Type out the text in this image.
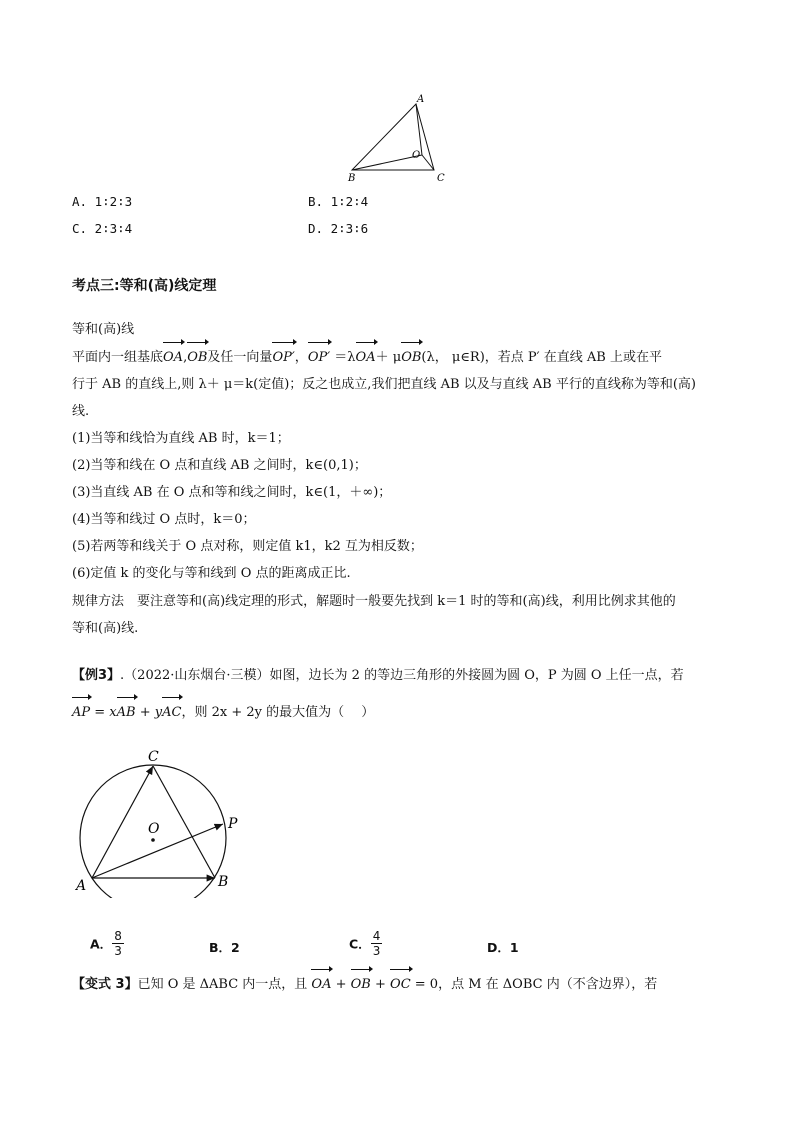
A
O
B	C
A. 1∶2∶3	B. 1∶2∶4
C. 2∶3∶4	D. 2∶3∶6
考点三:等和(高)线定理
等和(高)线
平面内一组基底OA,OB及任一向量OP′，OP′ ＝λOA＋ μOB(λ， μ∈R)，若点 P′ 在直线 AB 上或在平
行于 AB 的直线上,则 λ＋ μ＝k(定值)；反之也成立,我们把直线 AB 以及与直线 AB 平行的直线称为等和(高)
线.
(1)当等和线恰为直线 AB 时，k＝1；
(2)当等和线在 O 点和直线 AB 之间时，k∈(0,1)；
(3)当直线 AB 在 O 点和等和线之间时，k∈(1，＋∞)；
(4)当等和线过 O 点时，k＝0；
(5)若两等和线关于 O 点对称，则定值 k1，k2 互为相反数；
(6)定值 k 的变化与等和线到 O 点的距离成正比.
规律方法　要注意等和(高)线定理的形式，解题时一般要先找到 k＝1 时的等和(高)线，利用比例求其他的
等和(高)线.
【例3】.（2022·山东烟台·三模）如图，边长为 2 的等边三角形的外接圆为圆 O，P 为圆 O 上任一点，若
AP = xAB + yAC，则 2x + 2y 的最大值为（　 ）
C
O	P
A	B
A． $\frac{8}{3}$	B．2	C． $\frac{4}{3}$	D．1
【变式 3】已知 O 是 ΔABC 内一点，且 OA + OB + OC = 0，点 M 在 ΔOBC 内（不含边界），若
